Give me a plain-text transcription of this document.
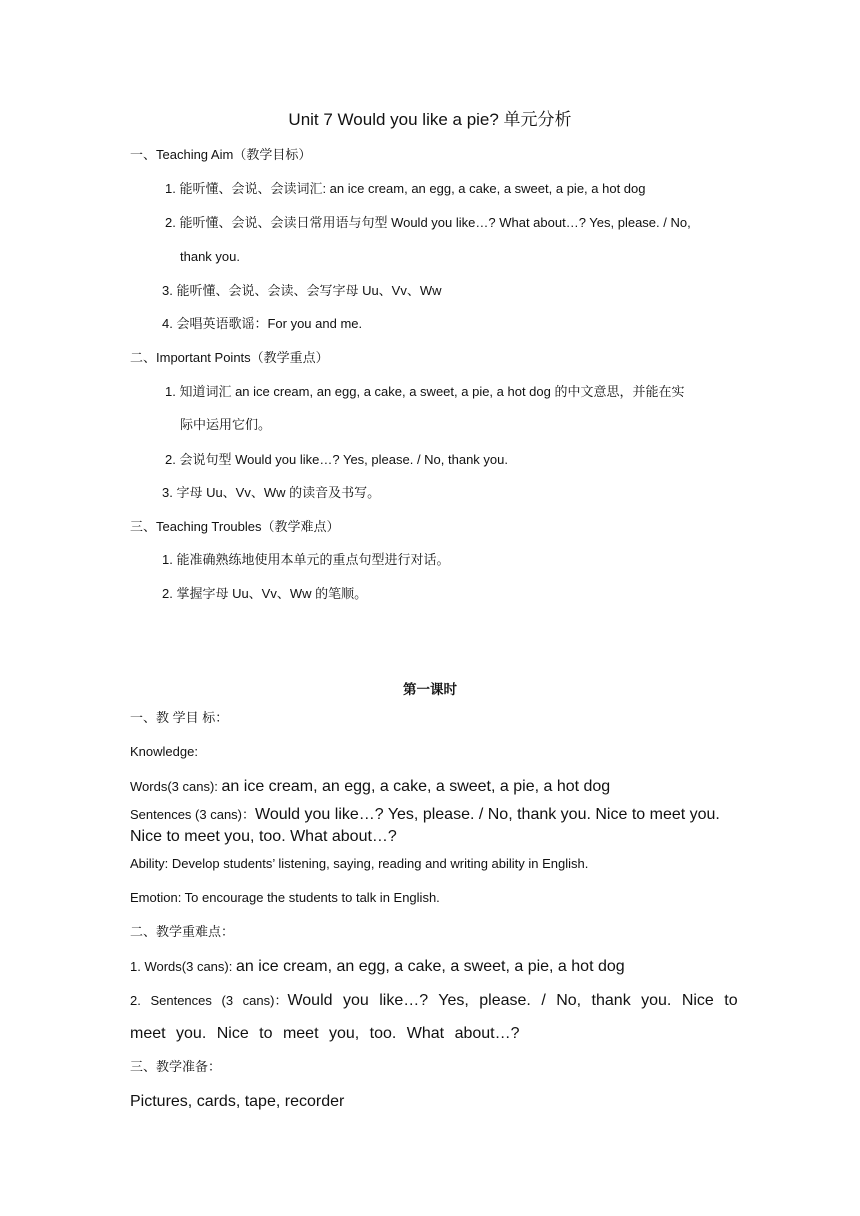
Unit 7 Would you like a pie? 单元分析
一、Teaching Aim（教学目标）
1. 能听懂、会说、会读词汇: an ice cream, an egg, a cake, a sweet, a pie, a hot dog
2. 能听懂、会说、会读日常用语与句型 Would you like…? What about…? Yes, please. / No,
thank you.
3. 能听懂、会说、会读、会写字母 Uu、Vv、Ww
4. 会唱英语歌谣：For you and me.
二、Important Points（教学重点）
1. 知道词汇 an ice cream, an egg, a cake, a sweet, a pie, a hot dog 的中文意思，并能在实
际中运用它们。
2. 会说句型 Would you like…? Yes, please. / No, thank you.
3. 字母 Uu、Vv、Ww 的读音及书写。
三、Teaching Troubles（教学难点）
1. 能准确熟练地使用本单元的重点句型进行对话。
2. 掌握字母 Uu、Vv、Ww 的笔顺。
第一课时
一、教 学目 标：
Knowledge:
Words(3 cans): an ice cream, an egg, a cake, a sweet, a pie, a hot dog
Sentences (3 cans)：Would you like…? Yes, please. / No, thank you. Nice to meet you.
Nice to meet you, too. What about…?
Ability: Develop students’ listening, saying, reading and writing ability in English.
Emotion: To encourage the students to talk in English.
二、教学重难点：
1. Words(3 cans): an ice cream, an egg, a cake, a sweet, a pie, a hot dog
2. Sentences (3 cans)：Would you like…? Yes, please. / No, thank you. Nice to
meet you. Nice to meet you, too. What about…?
三、教学准备：
Pictures, cards, tape, recorder
